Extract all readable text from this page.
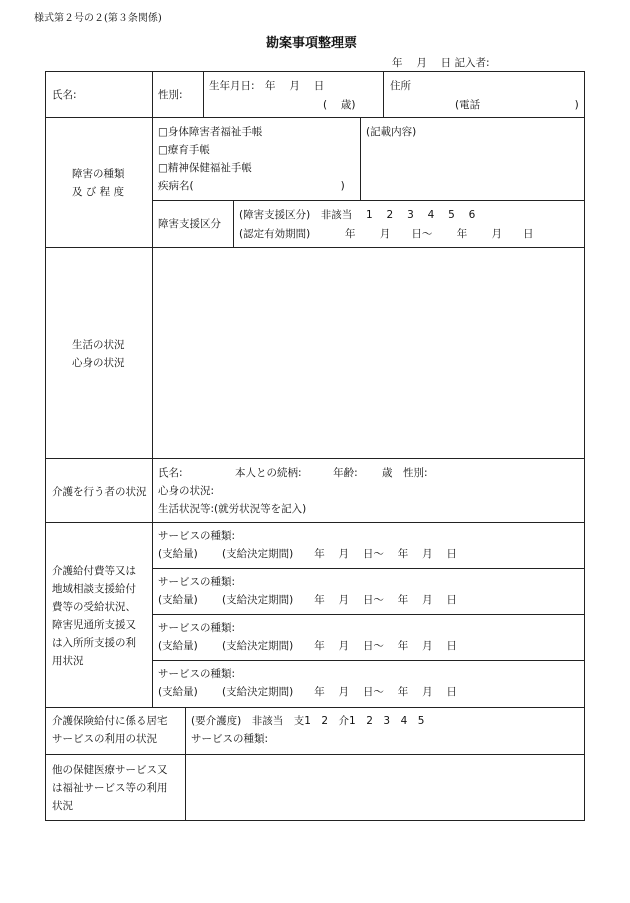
様式第２号の２(第３条関係)
勘案事項整理票
年　 月　 日 記入者:
氏名:	性別:
生年月日:　年　 月　 日
(　 歳)
住所
(電話　　　　　　　　　)
障害の種類
及 び 程 度
□身体障害者福祉手帳
□療育手帳
□精神保健福祉手帳
疾病名(　　　　　　　　　　　　　　)
(記載内容)
障害支援区分
(障害支援区分)　非該当　 1　 2　 3　 4　 5　 6
(認定有効期間)　　　 年　　 月　　日〜　　 年　　 月　　日
生活の状況
心身の状況
介護を行う者の状況
氏名:　　　　　本人との続柄:　　　年齢:　　 歳　性別:
心身の状況:
生活状況等:(就労状況等を記入)
介護給付費等又は
地域相談支援給付
費等の受給状況、
障害児通所支援又
は入所所支援の利
用状況
サービスの種類:
(支給量)　　 (支給決定期間)　　年　 月　 日〜　 年　 月　 日
サービスの種類:
(支給量)　　 (支給決定期間)　　年　 月　 日〜　 年　 月　 日
サービスの種類:
(支給量)　　 (支給決定期間)　　年　 月　 日〜　 年　 月　 日
サービスの種類:
(支給量)　　 (支給決定期間)　　年　 月　 日〜　 年　 月　 日
介護保険給付に係る居宅
サービスの利用の状況
(要介護度)　非該当　支1　2　介1　2　3　4　5
サービスの種類:
他の保健医療サービス又
は福祉サービス等の利用
状況
